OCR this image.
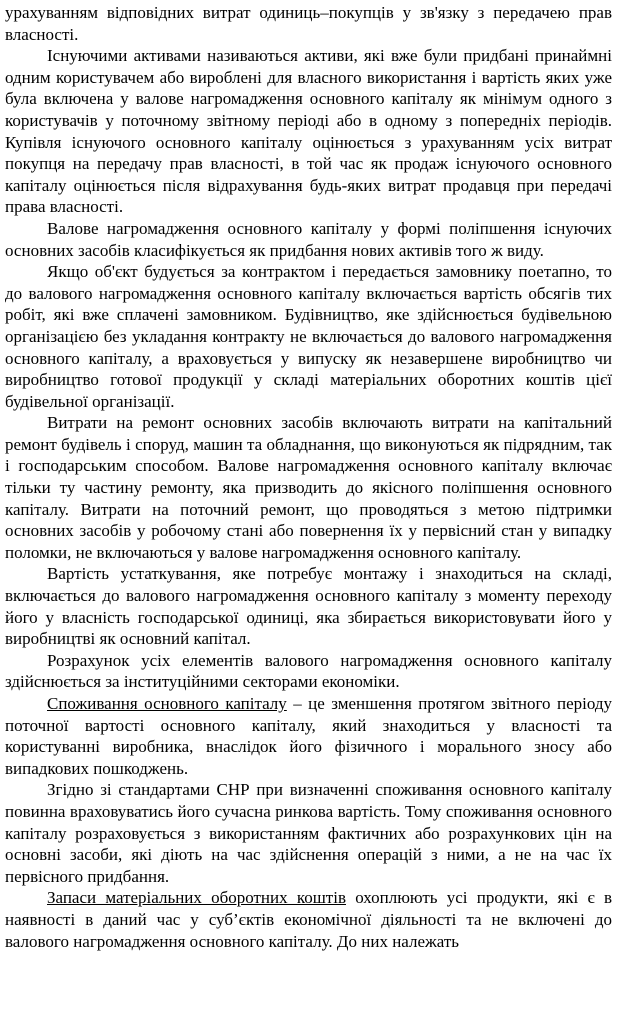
урахуванням відповідних витрат одиниць–покупців у зв'язку з передачею прав власності.

Існуючими активами називаються активи, які вже були придбані принаймні одним користувачем або вироблені для власного використання і вартість яких уже була включена у валове нагромадження основного капіталу як мінімум одного з користувачів у поточному звітному періоді або в одному з попередніх періодів. Купівля існуючого основного капіталу оцінюється з урахуванням усіх витрат покупця на передачу прав власності, в той час як продаж існуючого основного капіталу оцінюється після відрахування будь-яких витрат продавця при передачі права власності.

Валове нагромадження основного капіталу у формі поліпшення існуючих основних засобів класифікується як придбання нових активів того ж виду.

Якщо об'єкт будується за контрактом і передається замовнику поетапно, то до валового нагромадження основного капіталу включається вартість обсягів тих робіт, які вже сплачені замовником. Будівництво, яке здійснюється будівельною організацією без укладання контракту не включається до валового нагромадження основного капіталу, а враховується у випуску як незавершене виробництво чи виробництво готової продукції у складі матеріальних оборотних коштів цієї будівельної організації.

Витрати на ремонт основних засобів включають витрати на капітальний ремонт будівель і споруд, машин та обладнання, що виконуються як підрядним, так і господарським способом. Валове нагромадження основного капіталу включає тільки ту частину ремонту, яка призводить до якісного поліпшення основного капіталу. Витрати на поточний ремонт, що проводяться з метою підтримки основних засобів у робочому стані або повернення їх у первісний стан у випадку поломки, не включаються у валове нагромадження основного капіталу.

Вартість устаткування, яке потребує монтажу і знаходиться на складі, включається до валового нагромадження основного капіталу з моменту переходу його у власність господарської одиниці, яка збирається використовувати його у виробництві як основний капітал.

Розрахунок усіх елементів валового нагромадження основного капіталу здійснюється за інституційними секторами економіки.

Споживання основного капіталу – це зменшення протягом звітного періоду поточної вартості основного капіталу, який знаходиться у власності та користуванні виробника, внаслідок його фізичного і морального зносу або випадкових пошкоджень.

Згідно зі стандартами СНР при визначенні споживання основного капіталу повинна враховуватись його сучасна ринкова вартість. Тому споживання основного капіталу розраховується з використанням фактичних або розрахункових цін на основні засоби, які діють на час здійснення операцій з ними, а не на час їх первісного придбання.

Запаси матеріальних оборотних коштів охоплюють усі продукти, які є в наявності в даний час у суб’єктів економічної діяльності та не включені до валового нагромадження основного капіталу. До них належать
